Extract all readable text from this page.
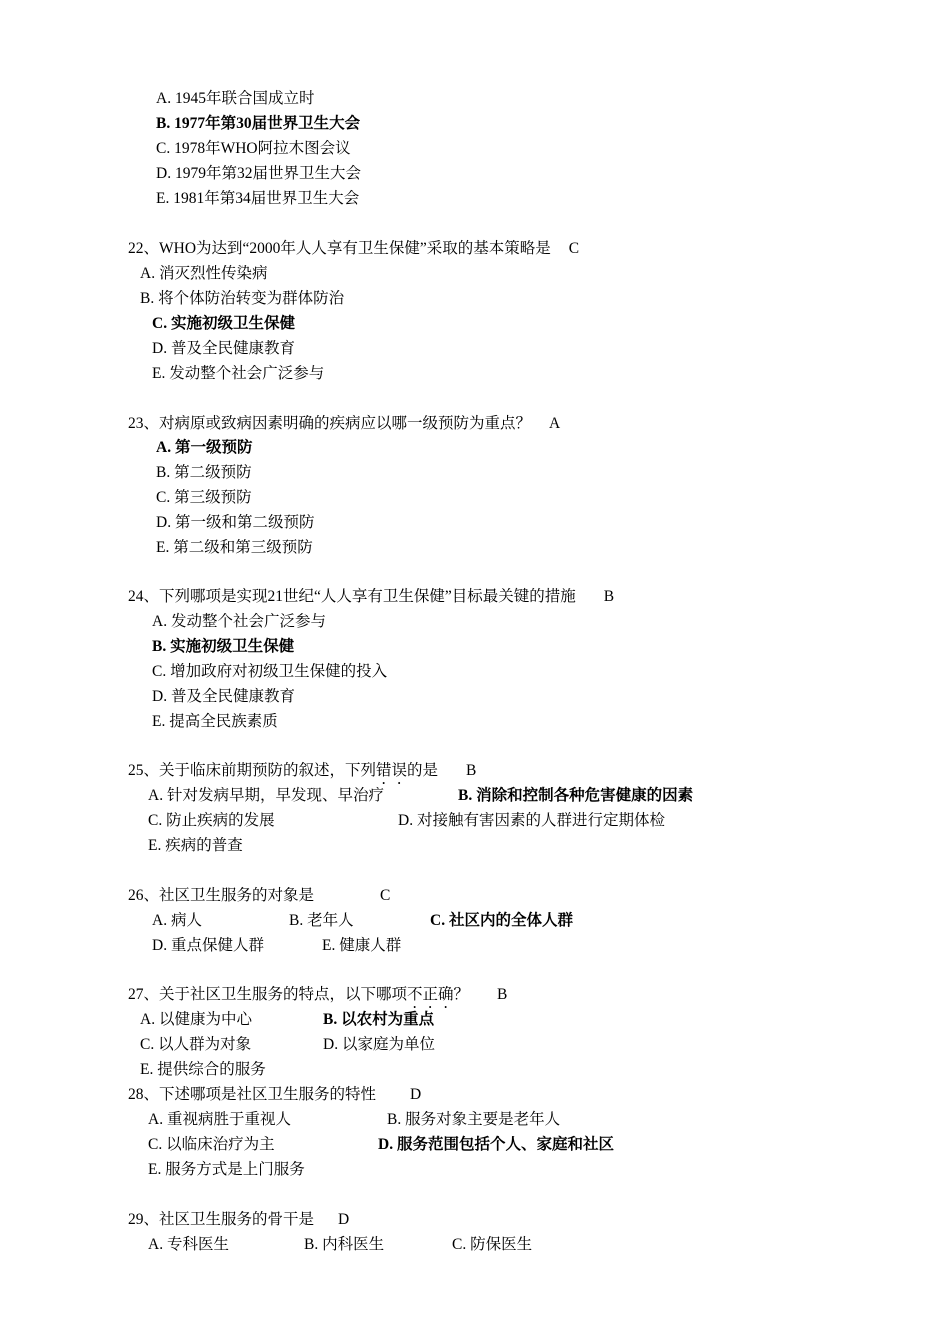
A. 1945年联合国成立时
B. 1977年第30届世界卫生大会
C. 1978年WHO阿拉木图会议
D. 1979年第32届世界卫生大会
E. 1981年第34届世界卫生大会
22、WHO为达到“2000年人人享有卫生保健”采取的基本策略是 C
A. 消灭烈性传染病
B. 将个体防治转变为群体防治
C. 实施初级卫生保健
D. 普及全民健康教育
E. 发动整个社会广泛参与
23、对病原或致病因素明确的疾病应以哪一级预防为重点？ A
A. 第一级预防
B. 第二级预防
C. 第三级预防
D. 第一级和第二级预防
E. 第二级和第三级预防
24、下列哪项是实现21世纪“人人享有卫生保健”目标最关键的措施 B
A. 发动整个社会广泛参与
B. 实施初级卫生保健
C. 增加政府对初级卫生保健的投入
D. 普及全民健康教育
E. 提高全民族素质
25、关于临床前期预防的叙述，下列错误的是 B
A. 针对发病早期，早发现、早治疗	B. 消除和控制各种危害健康的因素
C. 防止疾病的发展	D. 对接触有害因素的人群进行定期体检
E. 疾病的普查
26、社区卫生服务的对象是	C
A. 病人	B. 老年人	C. 社区内的全体人群
D. 重点保健人群	E. 健康人群
27、关于社区卫生服务的特点，以下哪项不正确？ B
A. 以健康为中心	B. 以农村为重点
C. 以人群为对象	D. 以家庭为单位
E. 提供综合的服务
28、下述哪项是社区卫生服务的特性 D
A. 重视病胜于重视人	B. 服务对象主要是老年人
C. 以临床治疗为主	D. 服务范围包括个人、家庭和社区
E. 服务方式是上门服务
29、社区卫生服务的骨干是 D
A. 专科医生	B. 内科医生	C. 防保医生
